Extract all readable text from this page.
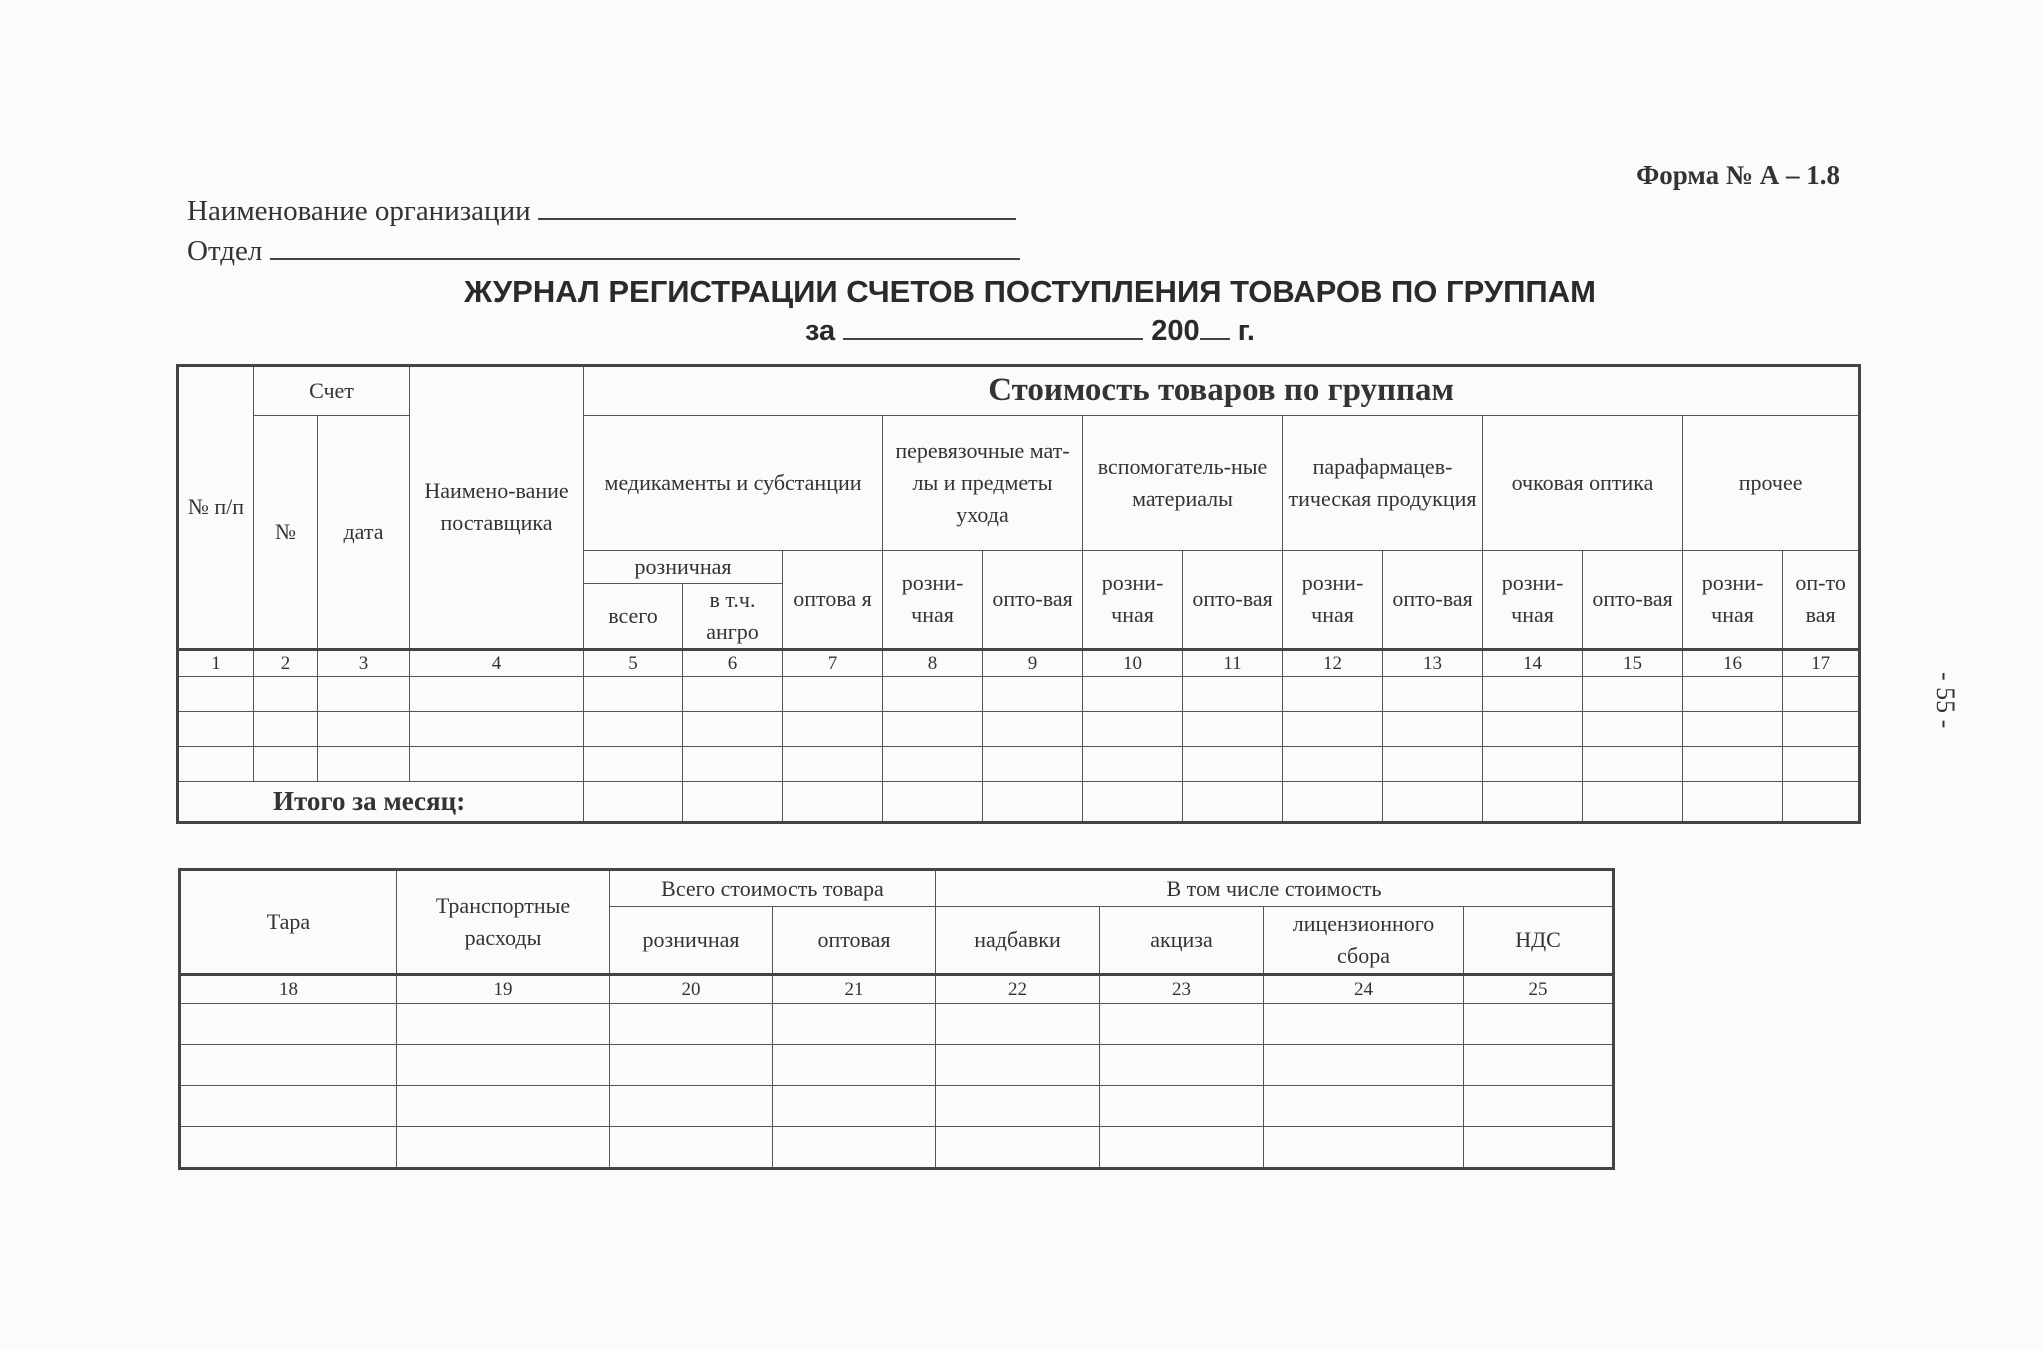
Форма № А – 1.8
Наименование организации
Отдел
ЖУРНАЛ РЕГИСТРАЦИИ СЧЕТОВ ПОСТУПЛЕНИЯ ТОВАРОВ ПО ГРУППАМ
за	200 г.
- 55 -
№ п/п	Счет		Наимено-вание поставщика	Стоимость товаров по группам												
	№	дата		медикаменты и субстанции			перевязочные мат-лы и предметы ухода		вспомогатель-ные материалы		парафармацев-тическая продукция		очковая оптика		прочее	
				розничная		оптова я	розни-чная	опто-вая	розни-чная	опто-вая	розни-чная	опто-вая	розни-чная	опто-вая	розни-чная	оп-то вая
				всего	в т.ч. ангро											
1	2	3	4	5	6	7	8	9	10	11	12	13	14	15	16	17

Итого за месяц:																
Тара	Транспортные расходы	Всего стоимость товара		В том числе стоимость			
		розничная	оптовая	надбавки	акциза	лицензионного сбора	НДС
18	19	20	21	22	23	24	25
